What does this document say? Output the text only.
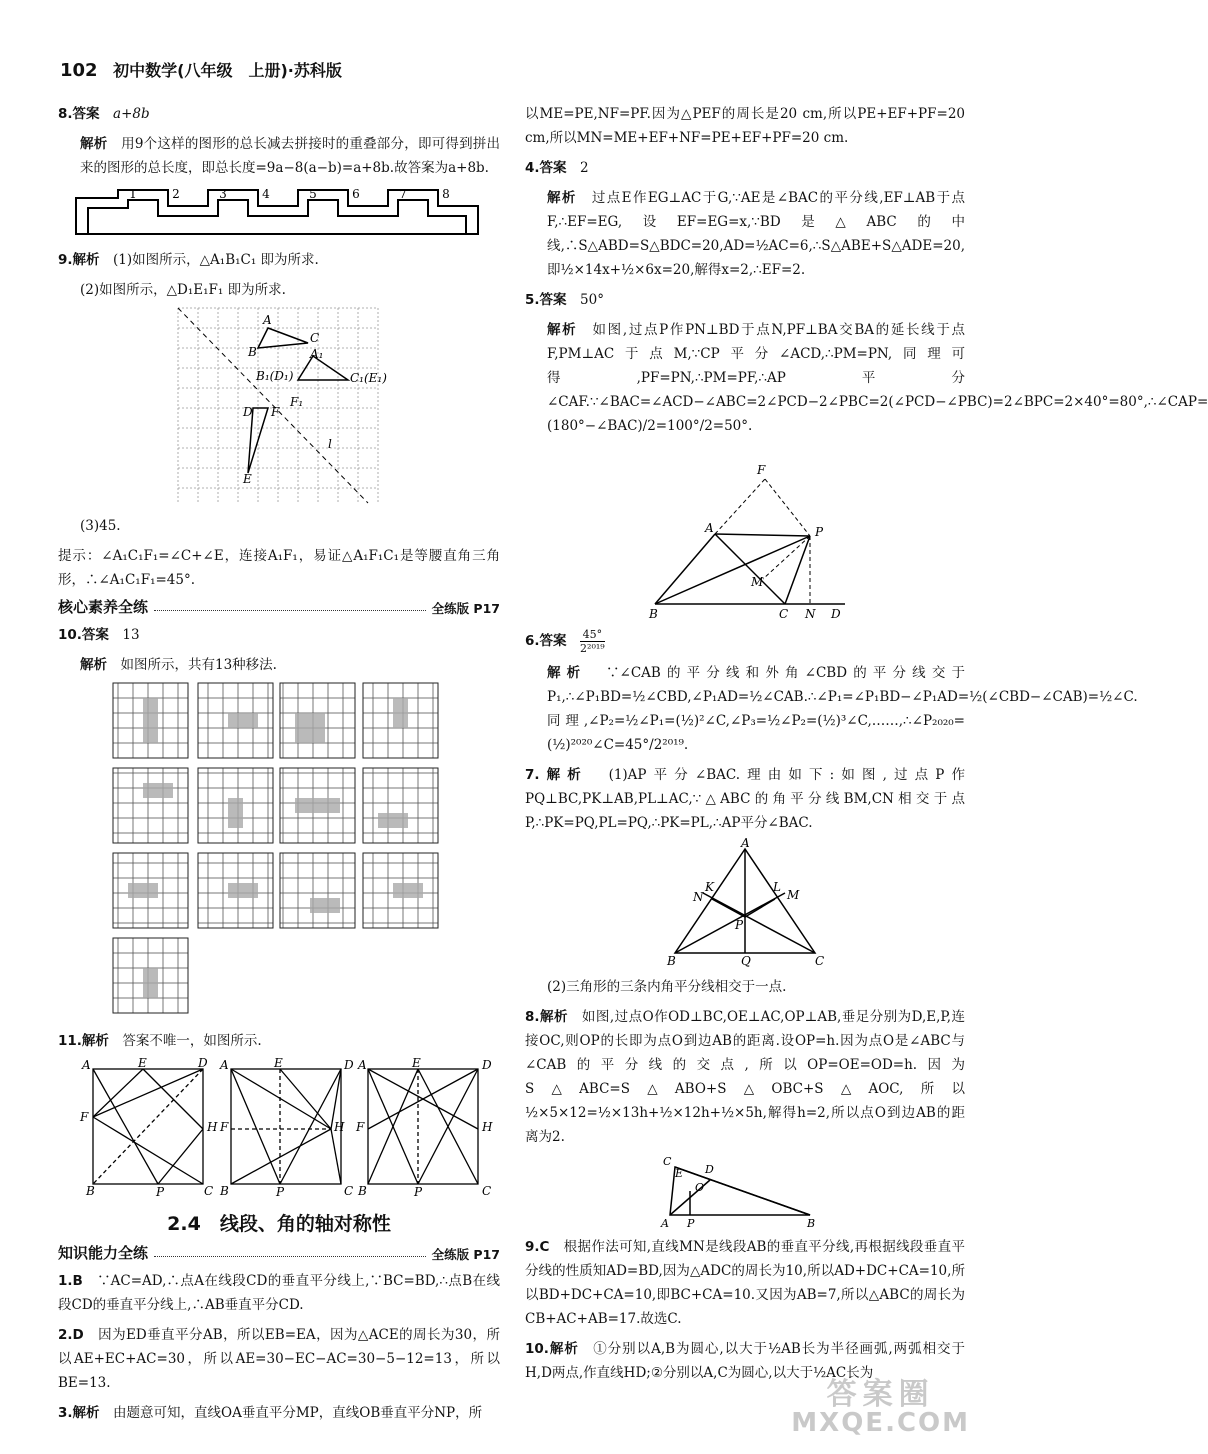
102 初中数学(八年级　上册)·苏科版

8.答案　 a+8b

解析　 用9个这样的图形的总长减去拼接时的重叠部分，即可得到拼出来的图形的总长度，即总长度=9a−8(a−b)=a+8b.故答案为a+8b.

1	2	3	4	5	6	7	8

9.解析　 (1)如图所示，△A₁B₁C₁ 即为所求.

(2)如图所示，△D₁E₁F₁ 即为所求.

A
C
B	A₁
B₁(D₁)	C₁(E₁)
D F
F₁
l
E

(3)45.

提示：∠A₁C₁F₁=∠C+∠E，连接A₁F₁，易证△A₁F₁C₁是等腰直角三角形，∴∠A₁C₁F₁=45°.

核心素养全练	全练版 P17

10.答案　 13

解析　 如图所示，共有13种移法.

11.解析　 答案不唯一，如图所示.

A	E	D
F
H
B	P	C
A	E	D
F	H
B	P	C
A	E	D
F	H
B	P	C
2.4　线段、角的轴对称性
知识能力全练	全练版 P17

1.B　 ∵AC=AD,∴点A在线段CD的垂直平分线上,∵BC=BD,∴点B在线段CD的垂直平分线上,∴AB垂直平分CD.

2.D　 因为ED垂直平分AB，所以EB=EA，因为△ACE的周长为30，所以AE+EC+AC=30，所以AE=30−EC−AC=30−5−12=13，所以BE=13.

3.解析　 由题意可知，直线OA垂直平分MP，直线OB垂直平分NP，所

以ME=PE,NF=PF.因为△PEF的周长是20 cm,所以PE+EF+PF=20 cm,所以MN=ME+EF+NF=PE+EF+PF=20 cm.

4.答案　 2

解析　 过点E作EG⊥AC于G,∵AE是∠BAC的平分线,EF⊥AB于点F,∴EF=EG,设EF=EG=x,∵BD是△ABC的中线,∴S△ABD=S△BDC=20,AD=½AC=6,∴S△ABE+S△ADE=20,即½×14x+½×6x=20,解得x=2,∴EF=2.

5.答案　 50°

解析　 如图,过点P作PN⊥BD于点N,PF⊥BA交BA的延长线于点F,PM⊥AC于点M,∵CP平分∠ACD,∴PM=PN,同理可得,PF=PN,∴PM=PF,∴AP平分∠CAF.∵∠BAC=∠ACD−∠ABC=2∠PCD−2∠PBC=2(∠PCD−∠PBC)=2∠BPC=2×40°=80°,∴∠CAP=(180°−∠BAC)/2=100°/2=50°.

F
A	P
M
B	C N D

6.答案　 $\frac{45^\circ}{\text{2²⁰¹⁹}}$

解析　 ∵∠CAB的平分线和外角∠CBD的平分线交于P₁,∴∠P₁BD=½∠CBD,∠P₁AD=½∠CAB.∴∠P₁=∠P₁BD−∠P₁AD=½(∠CBD−∠CAB)=½∠C.同理,∠P₂=½∠P₁=(½)²∠C,∠P₃=½∠P₂=(½)³∠C,……,∴∠P₂₀₂₀=(½)²⁰²⁰∠C=45°/2²⁰¹⁹.

7.解析　 (1)AP平分∠BAC.理由如下:如图,过点P作PQ⊥BC,PK⊥AB,PL⊥AC,∵△ABC的角平分线BM,CN相交于点P,∴PK=PQ,PL=PQ,∴PK=PL,∴AP平分∠BAC.

A
K
N
L
M
P
B	Q	C

(2)三角形的三条内角平分线相交于一点.

8.解析　 如图,过点O作OD⊥BC,OE⊥AC,OP⊥AB,垂足分别为D,E,P,连接OC,则OP的长即为点O到边AB的距离.设OP=h.因为点O是∠ABC与∠CAB的平分线的交点,所以OP=OE=OD=h.因为S△ABC=S△ABO+S△OBC+S△AOC,所以½×5×12=½×13h+½×12h+½×5h,解得h=2,所以点O到边AB的距离为2.

C
E D
O
A P	B

9.C　 根据作法可知,直线MN是线段AB的垂直平分线,再根据线段垂直平分线的性质知AD=BD,因为△ADC的周长为10,所以AD+DC+CA=10,所以BD+DC+CA=10,即BC+CA=10.又因为AB=7,所以△ABC的周长为CB+AC+AB=17.故选C.

10.解析　 ①分别以A,B为圆心,以大于½AB长为半径画弧,两弧相交于H,D两点,作直线HD;②分别以A,C为圆心,以大于½AC长为

答案圈
MXQE.COM
